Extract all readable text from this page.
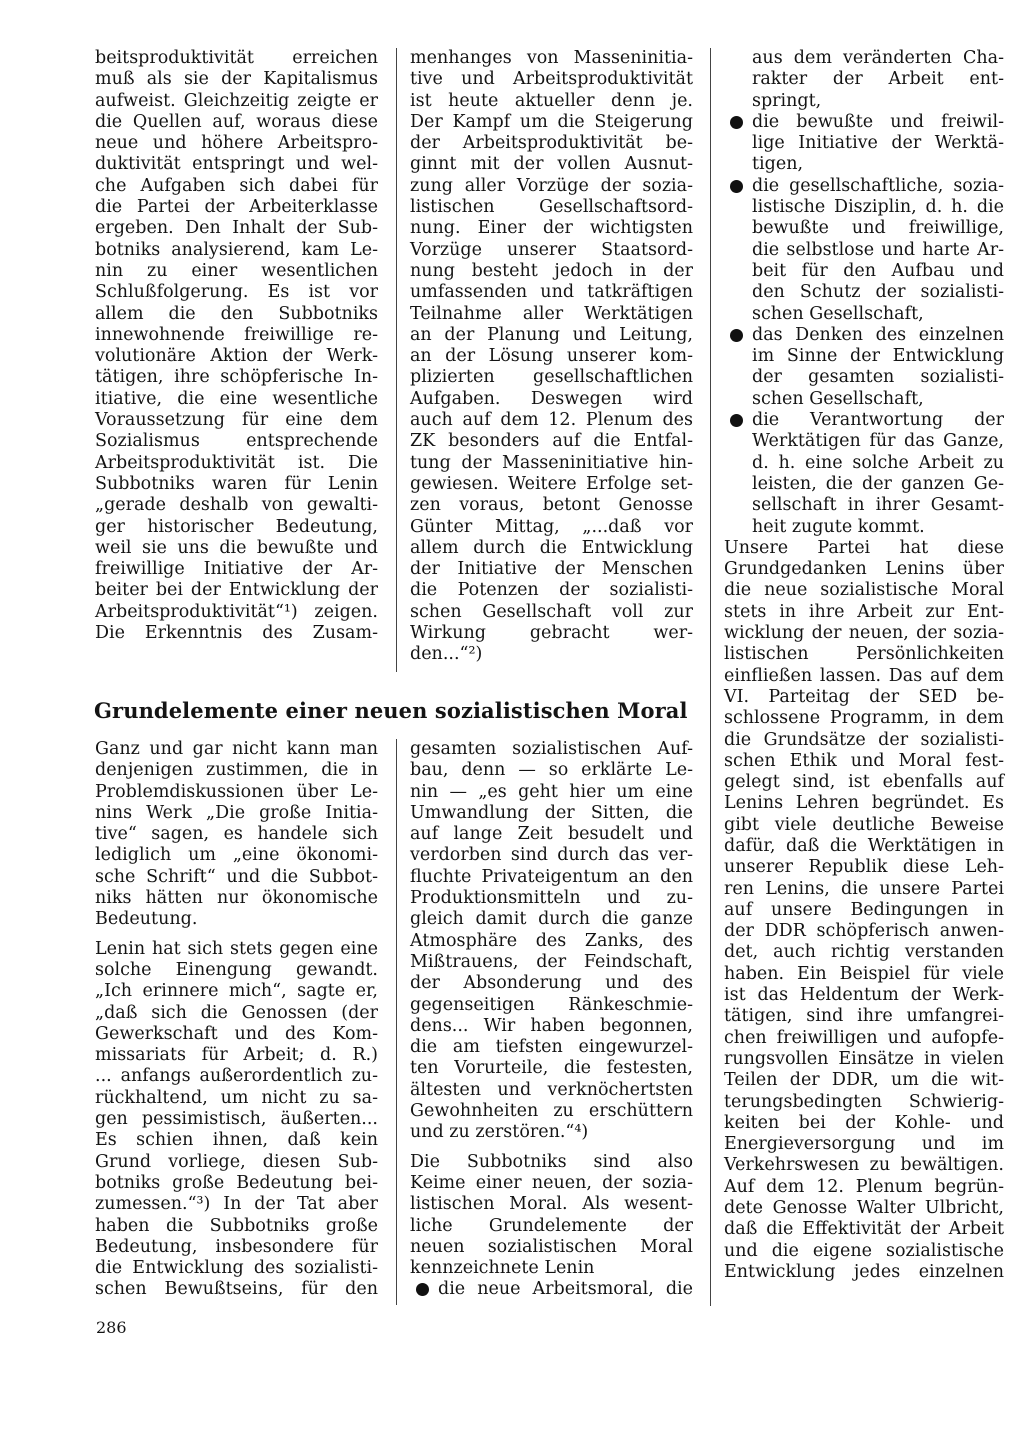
beitsproduktivität erreichen
muß als sie der Kapitalismus
aufweist. Gleichzeitig zeigte er
die Quellen auf, woraus diese
neue und höhere Arbeitspro-
duktivität entspringt und wel-
che Aufgaben sich dabei für
die Partei der Arbeiterklasse
ergeben. Den Inhalt der Sub-
botniks analysierend, kam Le-
nin zu einer wesentlichen
Schlußfolgerung. Es ist vor
allem die den Subbotniks
innewohnende freiwillige re-
volutionäre Aktion der Werk-
tätigen, ihre schöpferische In-
itiative, die eine wesentliche
Voraussetzung für eine dem
Sozialismus entsprechende
Arbeitsproduktivität ist. Die
Subbotniks waren für Lenin
„gerade deshalb von gewalti-
ger historischer Bedeutung,
weil sie uns die bewußte und
freiwillige Initiative der Ar-
beiter bei der Entwicklung der
Arbeitsproduktivität“¹) zeigen.
Die Erkenntnis des Zusam-
menhanges von Masseninitia-
tive und Arbeitsproduktivität
ist heute aktueller denn je.
Der Kampf um die Steigerung
der Arbeitsproduktivität be-
ginnt mit der vollen Ausnut-
zung aller Vorzüge der sozia-
listischen Gesellschaftsord-
nung. Einer der wichtigsten
Vorzüge unserer Staatsord-
nung besteht jedoch in der
umfassenden und tatkräftigen
Teilnahme aller Werktätigen
an der Planung und Leitung,
an der Lösung unserer kom-
plizierten gesellschaftlichen
Aufgaben. Deswegen wird
auch auf dem 12. Plenum des
ZK besonders auf die Entfal-
tung der Masseninitiative hin-
gewiesen. Weitere Erfolge set-
zen voraus, betont Genosse
Günter Mittag, „...daß vor
allem durch die Entwicklung
der Initiative der Menschen
die Potenzen der sozialisti-
schen Gesellschaft voll zur
Wirkung gebracht wer-
den...“²)
Grundelemente einer neuen sozialistischen Moral
Ganz und gar nicht kann man
denjenigen zustimmen, die in
Problemdiskussionen über Le-
nins Werk „Die große Initia-
tive“ sagen, es handele sich
lediglich um „eine ökonomi-
sche Schrift“ und die Subbot-
niks hätten nur ökonomische
Bedeutung.
Lenin hat sich stets gegen eine
solche Einengung gewandt.
„Ich erinnere mich“, sagte er,
„daß sich die Genossen (der
Gewerkschaft und des Kom-
missariats für Arbeit; d. R.)
... anfangs außerordentlich zu-
rückhaltend, um nicht zu sa-
gen pessimistisch, äußerten...
Es schien ihnen, daß kein
Grund vorliege, diesen Sub-
botniks große Bedeutung bei-
zumessen.“³) In der Tat aber
haben die Subbotniks große
Bedeutung, insbesondere für
die Entwicklung des sozialisti-
schen Bewußtseins, für den
gesamten sozialistischen Auf-
bau, denn — so erklärte Le-
nin — „es geht hier um eine
Umwandlung der Sitten, die
auf lange Zeit besudelt und
verdorben sind durch das ver-
fluchte Privateigentum an den
Produktionsmitteln und zu-
gleich damit durch die ganze
Atmosphäre des Zanks, des
Mißtrauens, der Feindschaft,
der Absonderung und des
gegenseitigen Ränkeschmie-
dens... Wir haben begonnen,
die am tiefsten eingewurzel-
ten Vorurteile, die festesten,
ältesten und verknöchertsten
Gewohnheiten zu erschüttern
und zu zerstören.“⁴)
Die Subbotniks sind also
Keime einer neuen, der sozia-
listischen Moral. Als wesent-
liche Grundelemente der
neuen sozialistischen Moral
kennzeichnete Lenin
die neue Arbeitsmoral, die
aus dem veränderten Cha-
rakter der Arbeit ent-
springt,
die bewußte und freiwil-
lige Initiative der Werktä-
tigen,
die gesellschaftliche, sozia-
listische Disziplin, d. h. die
bewußte und freiwillige,
die selbstlose und harte Ar-
beit für den Aufbau und
den Schutz der sozialisti-
schen Gesellschaft,
das Denken des einzelnen
im Sinne der Entwicklung
der gesamten sozialisti-
schen Gesellschaft,
die Verantwortung der
Werktätigen für das Ganze,
d. h. eine solche Arbeit zu
leisten, die der ganzen Ge-
sellschaft in ihrer Gesamt-
heit zugute kommt.
Unsere Partei hat diese
Grundgedanken Lenins über
die neue sozialistische Moral
stets in ihre Arbeit zur Ent-
wicklung der neuen, der sozia-
listischen Persönlichkeiten
einfließen lassen. Das auf dem
VI. Parteitag der SED be-
schlossene Programm, in dem
die Grundsätze der sozialisti-
schen Ethik und Moral fest-
gelegt sind, ist ebenfalls auf
Lenins Lehren begründet. Es
gibt viele deutliche Beweise
dafür, daß die Werktätigen in
unserer Republik diese Leh-
ren Lenins, die unsere Partei
auf unsere Bedingungen in
der DDR schöpferisch anwen-
det, auch richtig verstanden
haben. Ein Beispiel für viele
ist das Heldentum der Werk-
tätigen, sind ihre umfangrei-
chen freiwilligen und aufopfe-
rungsvollen Einsätze in vielen
Teilen der DDR, um die wit-
terungsbedingten Schwierig-
keiten bei der Kohle- und
Energieversorgung und im
Verkehrswesen zu bewältigen.
Auf dem 12. Plenum begrün-
dete Genosse Walter Ulbricht,
daß die Effektivität der Arbeit
und die eigene sozialistische
Entwicklung jedes einzelnen
286
